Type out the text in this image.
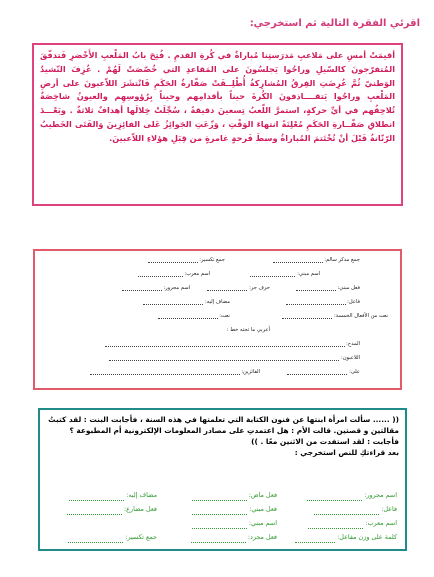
اقرئي الفقرة التالية ثم استخرجي:
أقيمَتْ أمسِ على مَلاعبِ مَدرَستِنا مُباراةٌ في كُرةِ القدمِ . فُتِحَ بابُ المَلْعبِ الأَخْضرِ فَتدفّقَ المُتفرّجونَ كالسّيلِ وراحُوا يَجلسُونَ على المَقاعدِ التي خُصّصَتْ لَهُمْ . عُزِفَ النّشيدُ الوَطنيّ ثُمَّ عُرِضَتِ الفِرقُ المُشارِكةُ أُطْلِــقَتْ صَفّارةُ الحَكَمِ فَانْتشَرَ اللاّعبونَ على أرضِ المَلْعبِ وراحُوا يَتقــــاذفونَ الكُرةَ حيناً بأقدامِهم وحيناً بِرُؤوسِهِم والعيونُ شاخِصَةٌ تُلاحِقُهم في أيِّ حركةٍ، استمرَّ اللّعبُ تِسعينَ دقيقةً ، سُجِّلَتْ خِلالَها أهدافٌ ثلاثةٌ . وبَعْـــدَ انطلاقِ صَفّــارةِ الحَكَمِ مُعْلِنَةً انتهاءَ الوَقْتِ ، وَزّعَتِ الجَوائِزُ عَلى الفائِزِينَ وَالفَتَى الخَطيبُ الرّنّانةُ قَبْلَ أنْ تُخْتَتمَ المُباراةُ وسطَ فَرحةٍ غامرةٍ من قِبَلِ هؤلاءِ اللاّعبينَ.
جمع مذكر سالم:
جمع تكسير:
اسم مبني:
اسم معرب:
فعل مبني:
حرف جر:
اسم مجرور:
فاعل:
مضاف إليه:
نعت من الأفعال الخمسة:
نعت:
أعربي ما تحته خط :
المدح:
اللاعبون:
على:
الفائزين:

(( ...... سألت امرأة ابنتها عن فنون الكتابة التي تعلمتها في هذه السنة ، فأجابت البنت : لقد كتبتُ مقالتين و قصتين. قالت الأم : هل اعتمدتِ على مصادر المعلومات الإلكترونية أم المطبوعة ؟ فأجابت : لقد استفدت من الاثنين معًا . ))

بعد قراءتكِ للنص استخرجي :

اسم مجرور:
فعل ماض:
مضاف إليه:
فاعل:
فعل مبني:
فعل مضارع:
اسم معرب:
اسم مبني:
كلمة على وزن مفاعل:
فعل مجرد:
جمع تكسير:
